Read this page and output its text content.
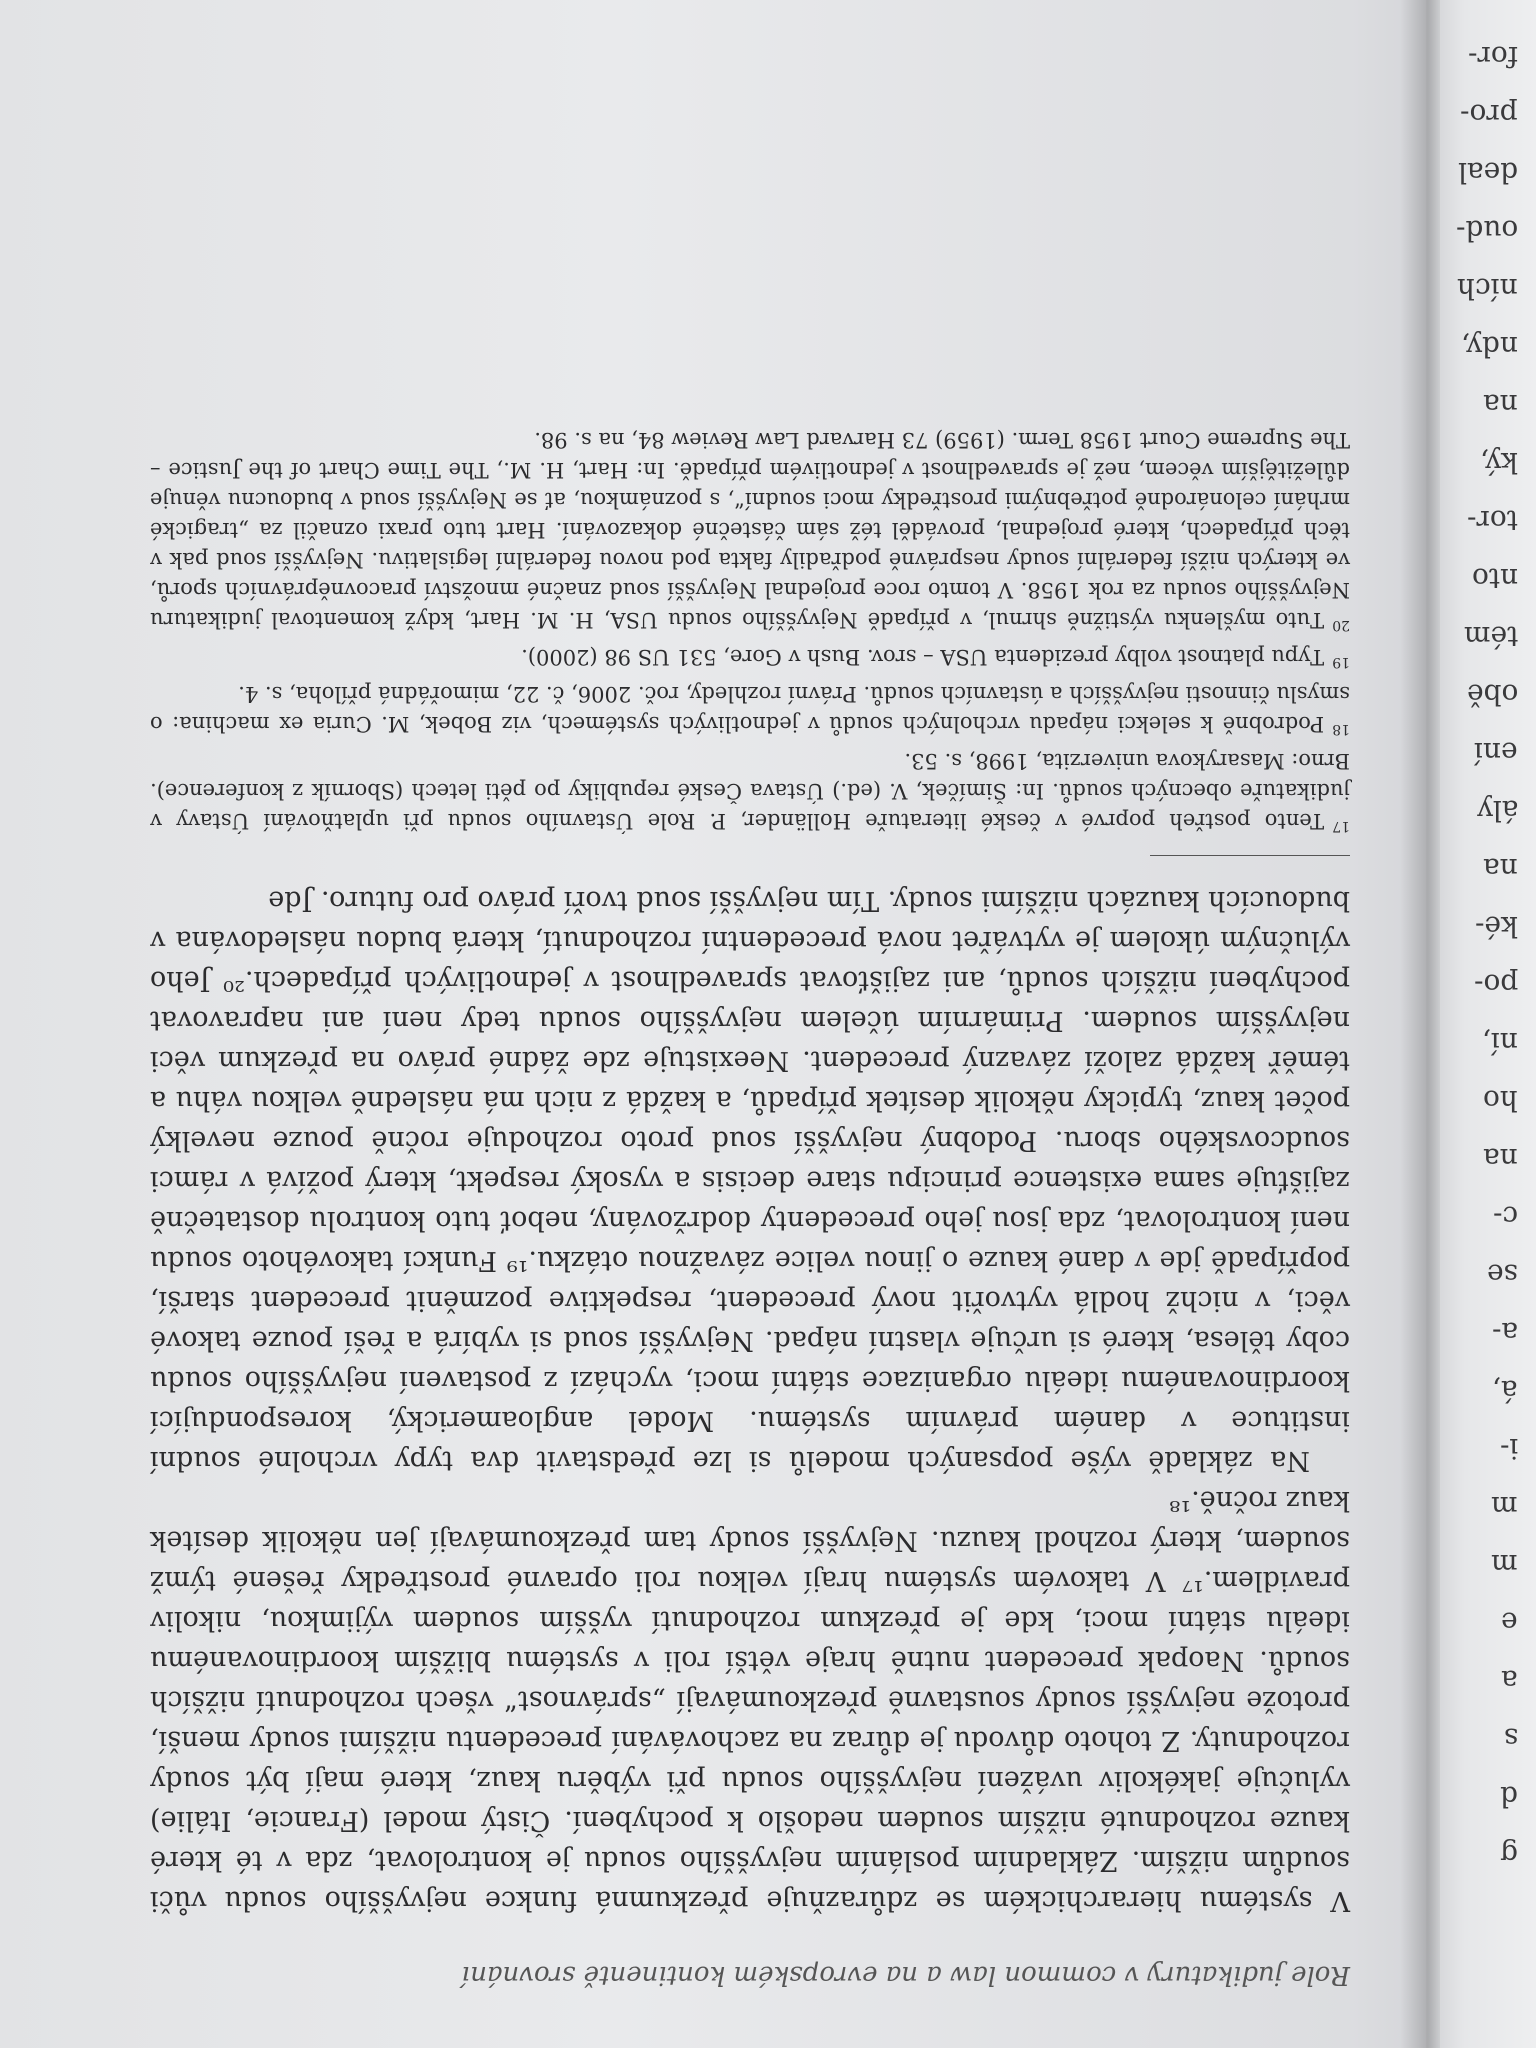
for-
pro-
deal
oud-
ních
ndy,
na
ký,
tor-
nto
tém
obě
ení
ály
na
ké-
po-
ní,
ho
na
c-
se
a-
á,
i-
m
m
e
a
s
d
g
Role judikatury v common law a na evropském kontinentě srovnání

V systému hierarchickém se zdůrazňuje přezkumná funkce nejvyššího soudu vůči soudům nižším. Základním posláním nejvyššího soudu je kontrolovat, zda v té které kauze rozhodnuté nižším soudem nedošlo k pochybení. Čistý model (Francie, Itálie) vylučuje jakékoliv uvážení nejvyššího soudu při výběru kauz, které mají být soudy rozhodnuty. Z tohoto důvodu je důraz na zachovávání precedentu nižšími soudy menší, protože nejvyšší soudy soustavně přezkoumávají „správnost“ všech rozhodnutí nižších soudů. Naopak precedent nutně hraje větší roli v systému bližším koordinovanému ideálu státní moci, kde je přezkum rozhodnutí vyšším soudem výjimkou, nikoliv pravidlem.¹⁷ V takovém systému hrají velkou roli opravné prostředky řešené týmž soudem, který rozhodl kauzu. Nejvyšší soudy tam přezkoumávají jen několik desítek kauz ročně.¹⁸

Na základě výše popsaných modelů si lze představit dva typy vrcholné soudní instituce v daném právním systému. Model angloamerický, korespondující koordinovanému ideálu organizace státní moci, vychází z postavení nejvyššího soudu coby tělesa, které si určuje vlastní nápad. Nejvyšší soud si vybírá a řeší pouze takové věci, v nichž hodlá vytvořit nový precedent, respektive pozměnit precedent starší, popřípadě jde v dané kauze o jinou velice závažnou otázku.¹⁹ Funkcí takovéhoto soudu není kontrolovat, zda jsou jeho precedenty dodržovány, neboť tuto kontrolu dostatečně zajišťuje sama existence principu stare decisis a vysoký respekt, který požívá v rámci soudcovského sboru. Podobný nejvyšší soud proto rozhoduje ročně pouze nevelký počet kauz, typicky několik desítek případů, a každá z nich má následně velkou váhu a téměř každá založí závazný precedent. Neexistuje zde žádné právo na přezkum věci nejvyšším soudem. Primárním účelem nejvyššího soudu tedy není ani napravovat pochybení nižších soudů, ani zajišťovat spravedlnost v jednotlivých případech.²⁰ Jeho výlučným úkolem je vytvářet nová precedentní rozhodnutí, která budou následována v budoucích kauzách nižšími soudy. Tím nejvyšší soud tvoří právo pro futuro. Jde

$^{17}$Tento postřeh poprvé v české literatuře Holländer, P. Role Ústavního soudu při uplatňování Ústavy v judikatuře obecných soudů. In: Šimíček, V. (ed.) Ústava České republiky po pěti letech (Sborník z konference). Brno: Masarykova univerzita, 1998, s. 53.

$^{18}$Podrobně k selekci nápadu vrcholných soudů v jednotlivých systémech, viz Bobek, M. Curia ex machina: o smyslu činnosti nejvyšších a ústavních soudů. Právní rozhledy, roč. 2006, č. 22, mimořádná příloha, s. 4.

$^{19}$Typu platnost volby prezidenta USA – srov. Bush v Gore, 531 US 98 (2000).

$^{20}$Tuto myšlenku výstižně shrnul, v případě Nejvyššího soudu USA, H. M. Hart, když komentoval judikaturu Nejvyššího soudu za rok 1958. V tomto roce projednal Nejvyšší soud značné množství pracovněprávních sporů, ve kterých nižší federální soudy nesprávně podřadily fakta pod novou federální legislativu. Nejvyšší soud pak v těch případech, které projednal, prováděl též sám částečné dokazování. Hart tuto praxi označil za „tragické mrhání celonárodně potřebnými prostředky moci soudní“, s poznámkou, ať se Nejvyšší soud v budoucnu věnuje důležitějším věcem, než je spravedlnost v jednotlivém případě. In: Hart, H. M., The Time Chart of the Justice – The Supreme Court 1958 Term. (1959) 73 Harvard Law Review 84, na s. 98.
